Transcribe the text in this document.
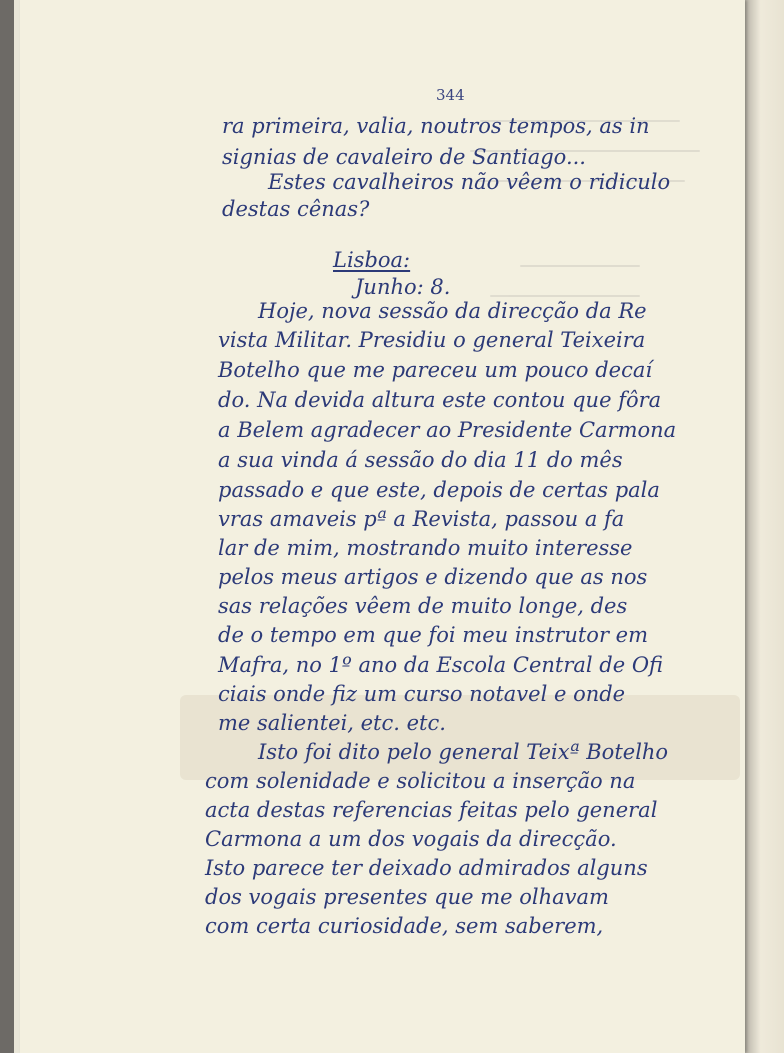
344
ra primeira, valia, noutros tempos, as in
signias de cavaleiro de Santiago...
Estes cavalheiros não vêem o ridiculo
destas cênas?
Lisboa:
Junho: 8.
Hoje, nova sessão da direcção da Re
vista Militar. Presidiu o general Teixeira
Botelho que me pareceu um pouco decaí
do. Na devida altura este contou que fôra
a Belem agradecer ao Presidente Carmona
a sua vinda á sessão do dia 11 do mês
passado e que este, depois de certas pala
vras amaveis pª a Revista, passou a fa
lar de mim, mostrando muito interesse
pelos meus artigos e dizendo que as nos
sas relações vêem de muito longe, des
de o tempo em que foi meu instrutor em
Mafra, no 1º ano da Escola Central de Ofi
ciais onde fiz um curso notavel e onde
me salientei, etc. etc.
Isto foi dito pelo general Teixª Botelho
com solenidade e solicitou a inserção na
acta destas referencias feitas pelo general
Carmona a um dos vogais da direcção.
Isto parece ter deixado admirados alguns
dos vogais presentes que me olhavam
com certa curiosidade, sem saberem,
